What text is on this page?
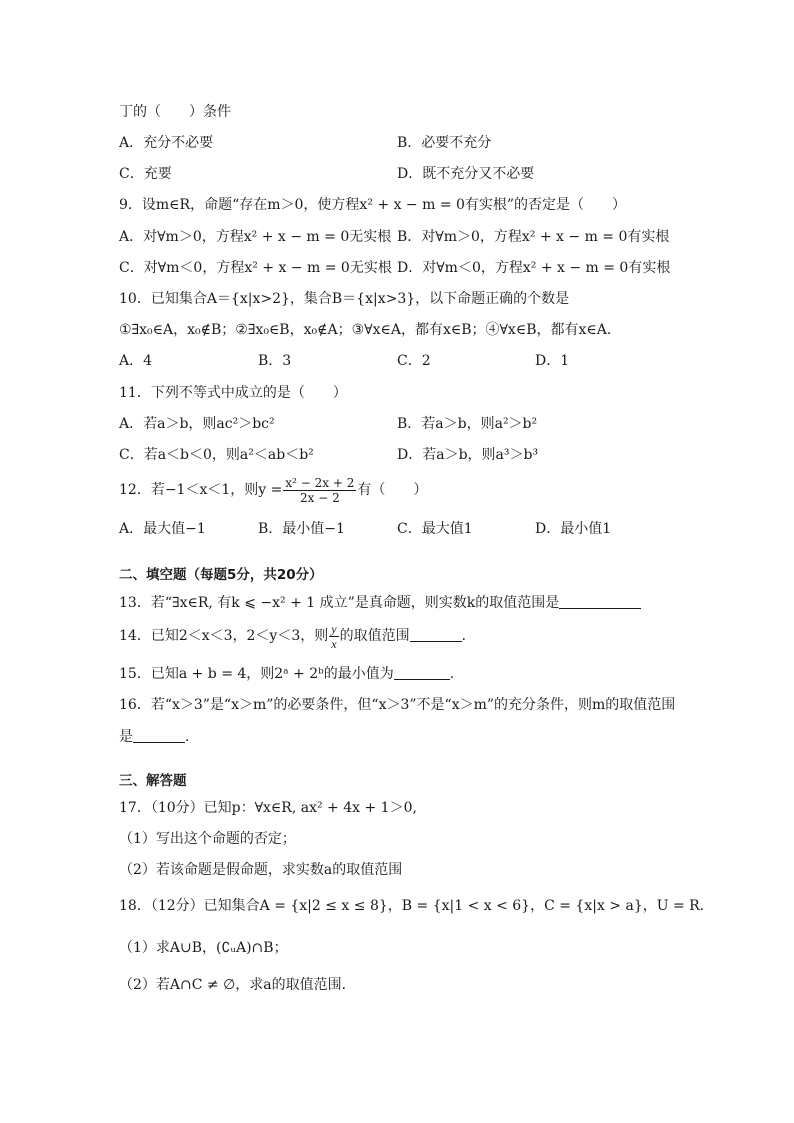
丁的（　　）条件
A．充分不必要	B．必要不充分
C．充要	D．既不充分又不必要
9．设m∈R，命题“存在m＞0，使方程x² + x − m = 0有实根”的否定是（　　）
A．对∀m＞0，方程x² + x − m = 0无实根 B．对∀m＞0，方程x² + x − m = 0有实根
C．对∀m＜0，方程x² + x − m = 0无实根 D．对∀m＜0，方程x² + x − m = 0有实根
10．已知集合A＝{x|x>2}，集合B＝{x|x>3}，以下命题正确的个数是
①∃x₀∈A，x₀∉B；②∃x₀∈B，x₀∉A；③∀x∈A，都有x∈B；④∀x∈B，都有x∈A．
A．4	B．3	C．2	D．1
11．下列不等式中成立的是（　　）
A．若a＞b，则ac²＞bc²	B．若a＞b，则a²＞b²
C．若a＜b＜0，则a²＜ab＜b²	D．若a＞b，则a³＞b³
12．若−1＜x＜1，则$y = \frac{\text{x² − 2x + 2}}{2x - 2}$ 有（　　）
A．最大值−1	B．最小值−1	C．最大值1	D．最小值1
二、填空题（每题5分，共20分）
13．若“∃x∈R, 有k ⩽ −x² + 1 成立”是真命题，则实数k的取值范围是
14．已知2＜x＜3，2＜y＜3，则 $\frac{y}{x}$ 的取值范围	．
15．已知a + b = 4，则2ᵃ + 2ᵇ的最小值为	.
16．若“x＞3”是“x＞m”的必要条件，但“x＞3”不是“x＞m”的充分条件，则m的取值范围
是	．
三、解答题
17．（10分）已知p：∀x∈R, ax² + 4x + 1＞0,
（1）写出这个命题的否定；
（2）若该命题是假命题，求实数a的取值范围
18．（12分）已知集合A = {x|2 ≤ x ≤ 8}，B = {x|1 < x < 6}，C = {x|x > a}，U = R．
（1）求A∪B，(∁ᵤA)∩B；
（2）若A∩C ≠ ∅，求a的取值范围．
